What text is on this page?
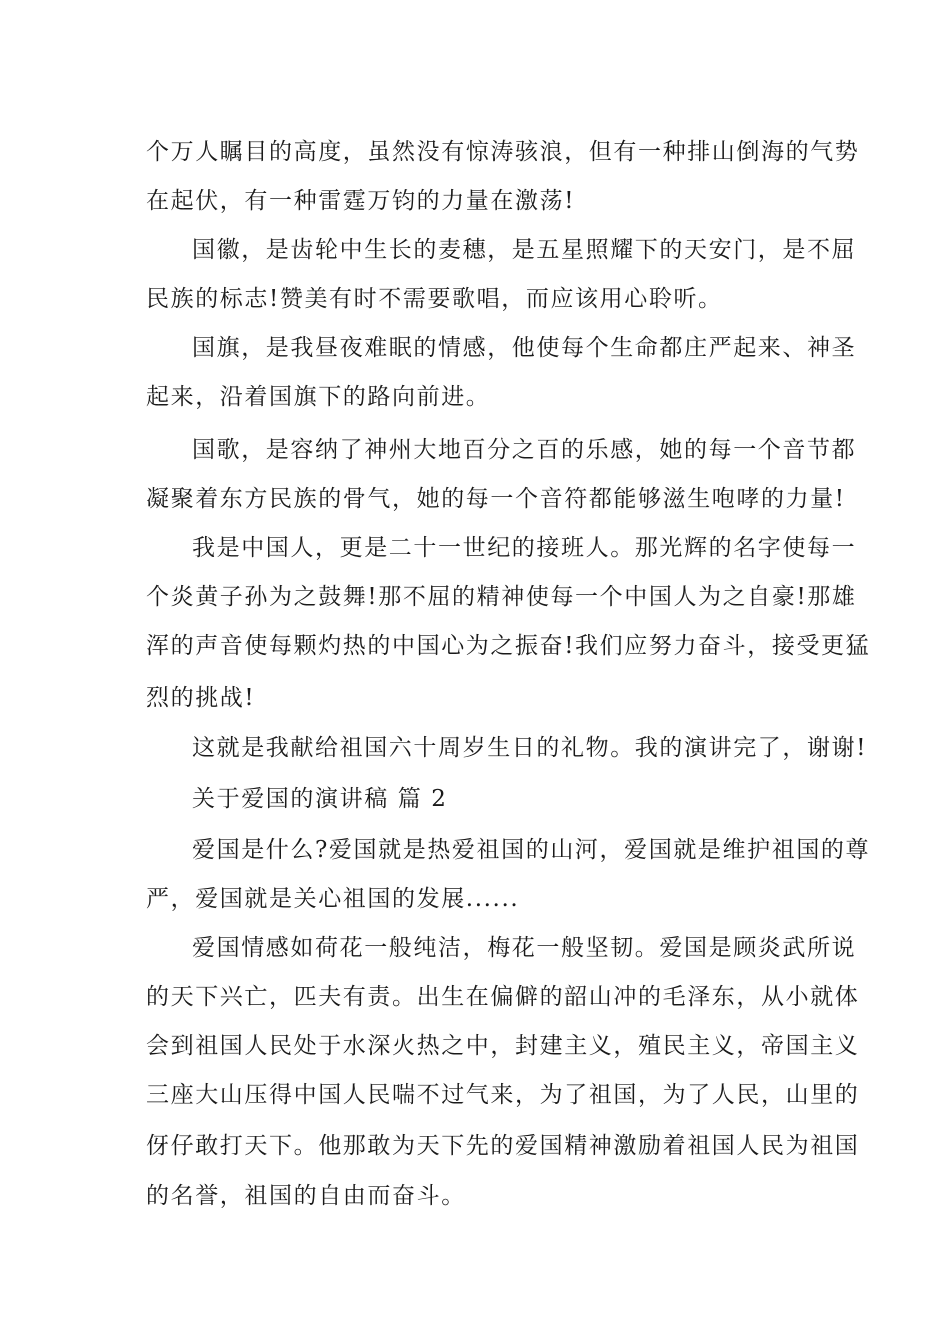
个万人瞩目的高度，虽然没有惊涛骇浪，但有一种排山倒海的气势
在起伏，有一种雷霆万钧的力量在激荡!
国徽，是齿轮中生长的麦穗，是五星照耀下的天安门，是不屈
民族的标志!赞美有时不需要歌唱，而应该用心聆听。
国旗，是我昼夜难眠的情感，他使每个生命都庄严起来、神圣
起来，沿着国旗下的路向前进。
国歌，是容纳了神州大地百分之百的乐感，她的每一个音节都
凝聚着东方民族的骨气，她的每一个音符都能够滋生咆哮的力量!
我是中国人，更是二十一世纪的接班人。那光辉的名字使每一
个炎黄子孙为之鼓舞!那不屈的精神使每一个中国人为之自豪!那雄
浑的声音使每颗灼热的中国心为之振奋!我们应努力奋斗，接受更猛
烈的挑战!
这就是我献给祖国六十周岁生日的礼物。我的演讲完了，谢谢!
关于爱国的演讲稿 篇 2
爱国是什么?爱国就是热爱祖国的山河，爱国就是维护祖国的尊
严，爱国就是关心祖国的发展......
爱国情感如荷花一般纯洁，梅花一般坚韧。爱国是顾炎武所说
的天下兴亡，匹夫有责。出生在偏僻的韶山冲的毛泽东，从小就体
会到祖国人民处于水深火热之中，封建主义，殖民主义，帝国主义
三座大山压得中国人民喘不过气来，为了祖国，为了人民，山里的
伢仔敢打天下。他那敢为天下先的爱国精神激励着祖国人民为祖国
的名誉，祖国的自由而奋斗。
